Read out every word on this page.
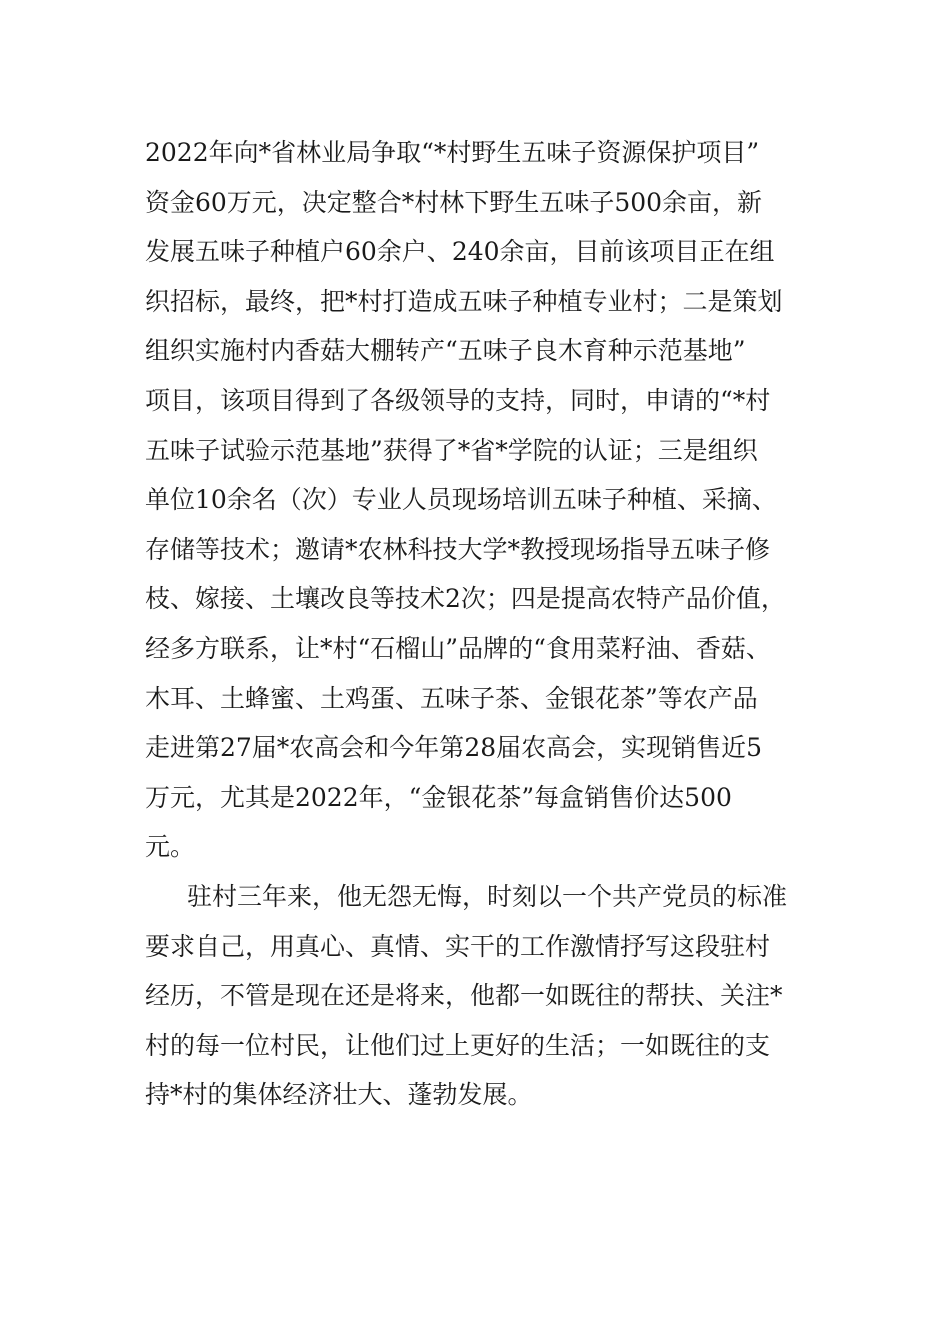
2022年向*省林业局争取“*村野生五味子资源保护项目”
资金60万元，决定整合*村林下野生五味子500余亩，新
发展五味子种植户60余户、240余亩，目前该项目正在组
织招标，最终，把*村打造成五味子种植专业村；二是策划
组织实施村内香菇大棚转产“五味子良木育种示范基地”
项目，该项目得到了各级领导的支持，同时，申请的“*村
五味子试验示范基地”获得了*省*学院的认证；三是组织
单位10余名（次）专业人员现场培训五味子种植、采摘、
存储等技术；邀请*农林科技大学*教授现场指导五味子修
枝、嫁接、土壤改良等技术2次；四是提高农特产品价值，
经多方联系，让*村“石榴山”品牌的“食用菜籽油、香菇、
木耳、土蜂蜜、土鸡蛋、五味子茶、金银花茶”等农产品
走进第27届*农高会和今年第28届农高会，实现销售近5
万元，尤其是2022年，“金银花茶”每盒销售价达500
元。
驻村三年来，他无怨无悔，时刻以一个共产党员的标准
要求自己，用真心、真情、实干的工作激情抒写这段驻村
经历，不管是现在还是将来，他都一如既往的帮扶、关注*
村的每一位村民，让他们过上更好的生活；一如既往的支
持*村的集体经济壮大、蓬勃发展。
